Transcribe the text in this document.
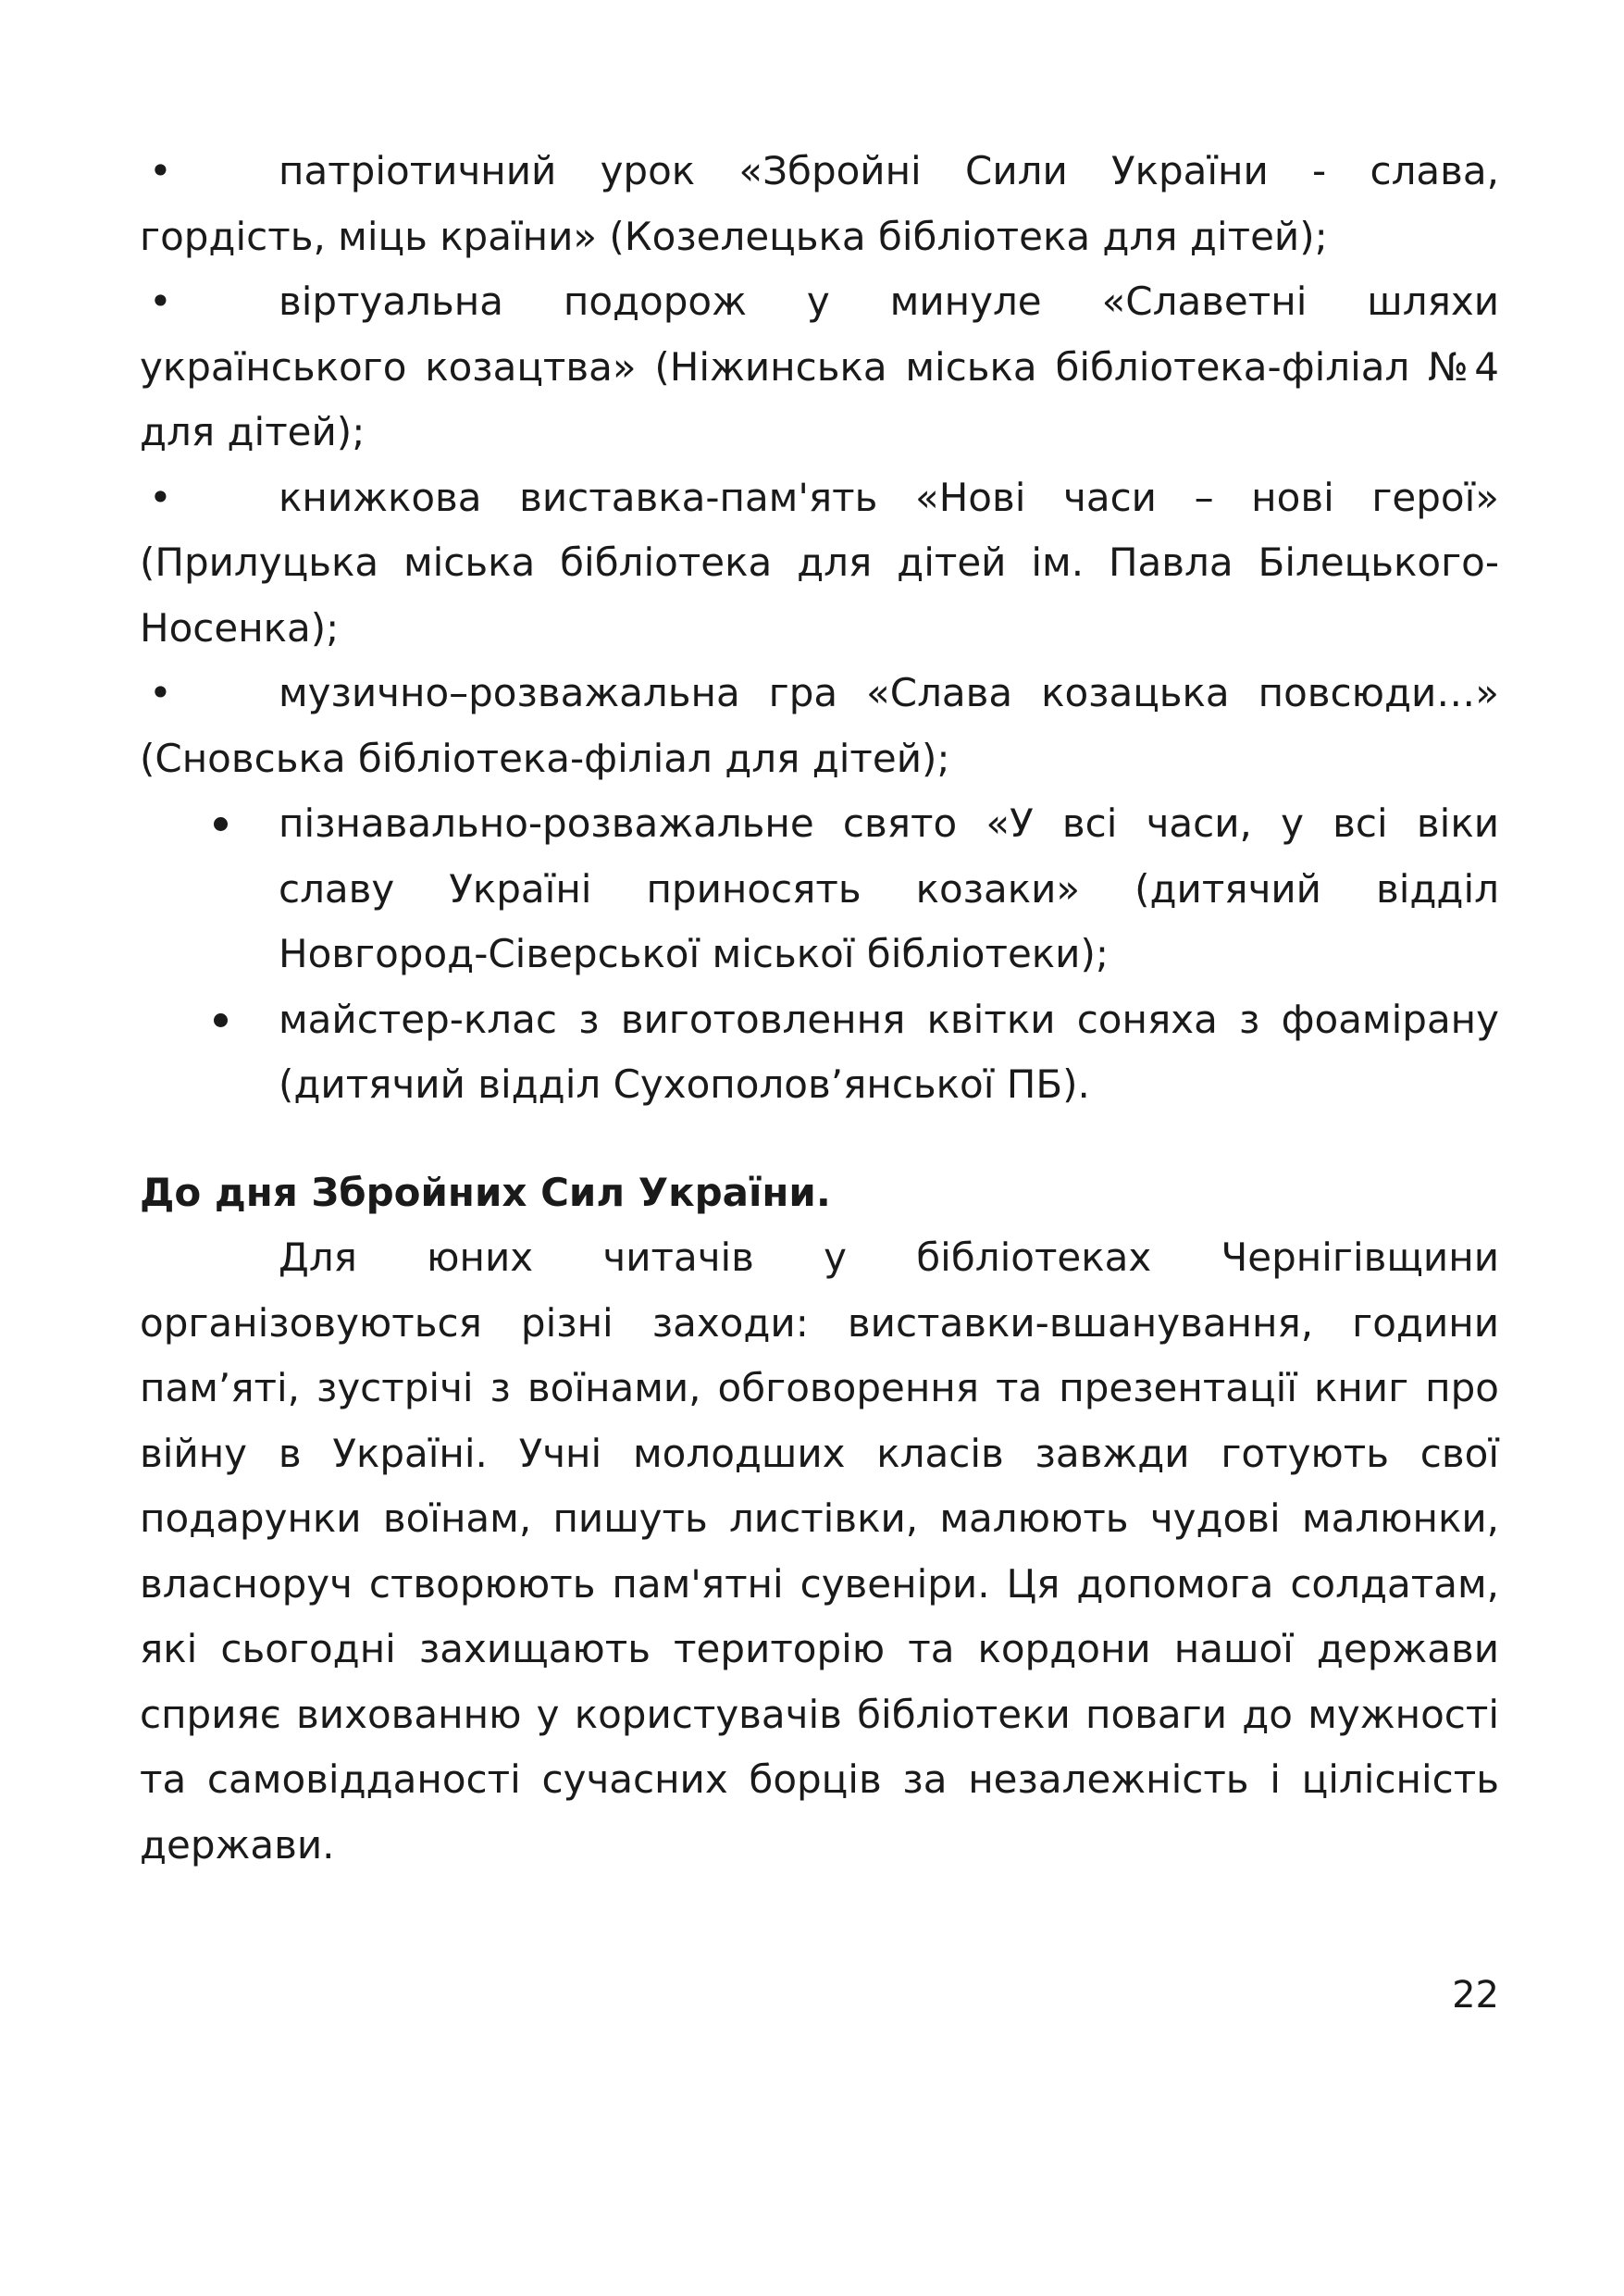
•	патріотичний урок «Збройні Сили України - слава, гордість, міць країни» (Козелецька бібліотека для дітей);

•	віртуальна подорож у минуле «Славетні шляхи українського козацтва» (Ніжинська міська бібліотека-філіал №4 для дітей);

•	книжкова виставка-пам'ять «Нові часи – нові герої» (Прилуцька міська бібліотека для дітей ім. Павла Білецького-Носенка);

•	музично–розважальна гра «Слава козацька повсюди…» (Сновська бібліотека-філіал для дітей);

пізнавально-розважальне свято «У всі часи, у всі віки славу Україні приносять козаки» (дитячий відділ Новгород-Сіверської міської бібліотеки);
майстер-клас з виготовлення квітки соняха з фоамірану (дитячий відділ Сухополов’янської ПБ).

До дня Збройних Сил України.

Для юних читачів у бібліотеках Чернігівщини організовуються різні заходи: виставки-вшанування, години пам’яті, зустрічі з воїнами, обговорення та презентації книг про війну в Україні. Учні молодших класів завжди готують свої подарунки воїнам, пишуть листівки, малюють чудові малюнки, власноруч створюють пам'ятні сувеніри. Ця допомога солдатам, які сьогодні захищають територію та кордони нашої держави сприяє вихованню у користувачів бібліотеки поваги до мужності та самовідданості сучасних борців за незалежність і цілісність держави.

22
